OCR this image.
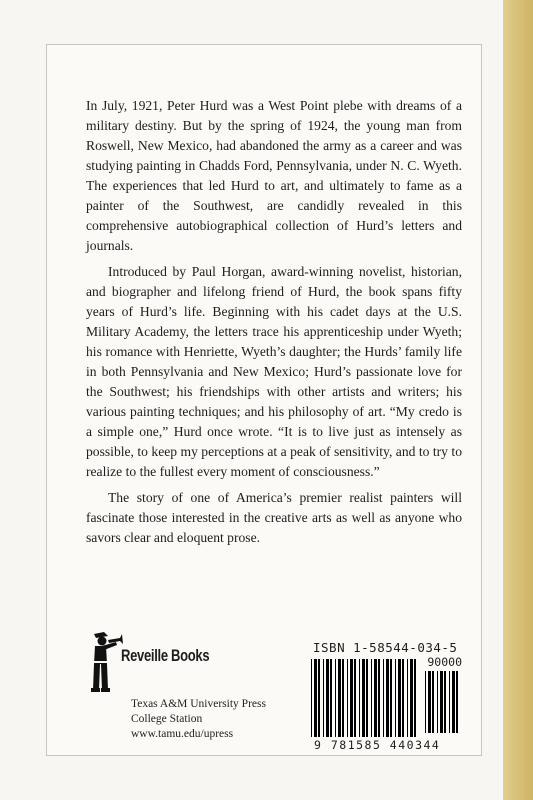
In July, 1921, Peter Hurd was a West Point plebe with dreams of a military destiny. But by the spring of 1924, the young man from Roswell, New Mexico, had abandoned the army as a career and was studying painting in Chadds Ford, Pennsylvania, under N. C. Wyeth. The experiences that led Hurd to art, and ultimately to fame as a painter of the Southwest, are candidly revealed in this comprehensive autobiographical collection of Hurd’s letters and journals.

Introduced by Paul Horgan, award-winning novelist, historian, and biographer and lifelong friend of Hurd, the book spans fifty years of Hurd’s life. Beginning with his cadet days at the U.S. Military Academy, the letters trace his apprenticeship under Wyeth; his romance with Henriette, Wyeth’s daughter; the Hurds’ family life in both Pennsylvania and New Mexico; Hurd’s passionate love for the Southwest; his friendships with other artists and writers; his various painting techniques; and his philosophy of art. “My credo is a simple one,” Hurd once wrote. “It is to live just as intensely as possible, to keep my perceptions at a peak of sensitivity, and to try to realize to the fullest every moment of consciousness.”

The story of one of America’s premier realist painters will fascinate those interested in the creative arts as well as anyone who savors clear and eloquent prose.

Reveille Books
Texas A&M University Press
College Station
www.tamu.edu/upress
ISBN 1-58544-034-5
90000
9 781585 440344
